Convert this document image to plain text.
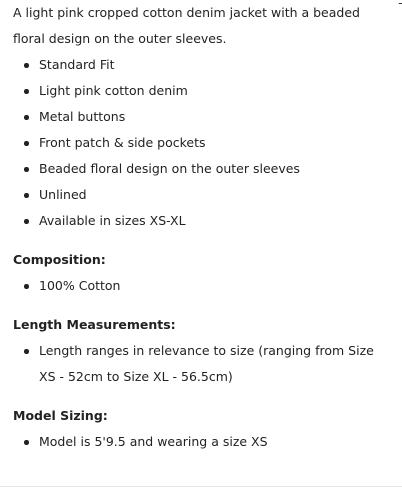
A light pink cropped cotton denim jacket with a beaded floral design on the outer sleeves.

Standard Fit
Light pink cotton denim
Metal buttons
Front patch & side pockets
Beaded floral design on the outer sleeves
Unlined
Available in sizes XS-XL

Composition:

100% Cotton

Length Measurements:

Length ranges in relevance to size (ranging from Size XS - 52cm to Size XL - 56.5cm)

Model Sizing:

Model is 5'9.5 and wearing a size XS
